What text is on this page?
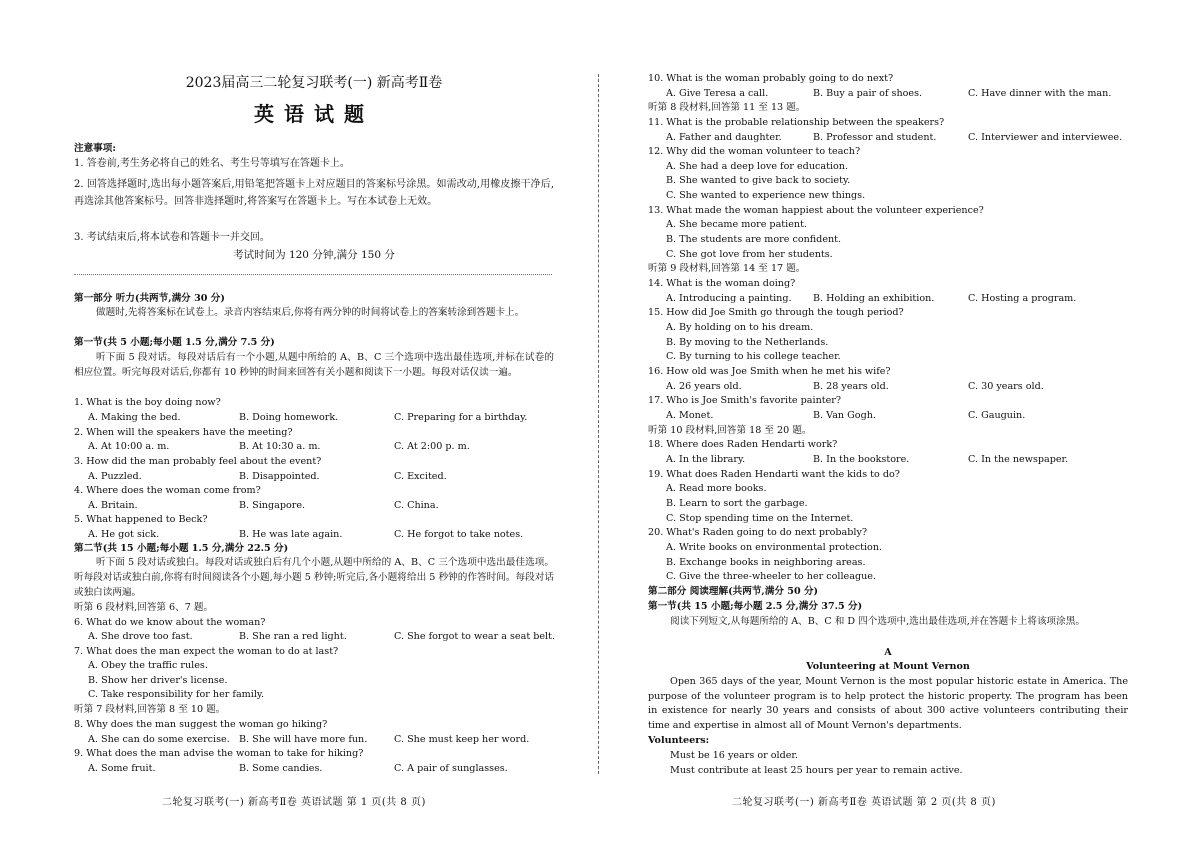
2023届高三二轮复习联考(一) 新高考Ⅱ卷
英语试题
注意事项:
1. 答卷前,考生务必将自己的姓名、考生号等填写在答题卡上。
2. 回答选择题时,选出每小题答案后,用铅笔把答题卡上对应题目的答案标号涂黑。如需改动,用橡皮擦干净后,再选涂其他答案标号。回答非选择题时,将答案写在答题卡上。写在本试卷上无效。
3. 考试结束后,将本试卷和答题卡一并交回。
考试时间为 120 分钟,满分 150 分
第一部分 听力(共两节,满分 30 分)
做题时,先将答案标在试卷上。录音内容结束后,你将有两分钟的时间将试卷上的答案转涂到答题卡上。
第一节(共 5 小题;每小题 1.5 分,满分 7.5 分)
听下面 5 段对话。每段对话后有一个小题,从题中所给的 A、B、C 三个选项中选出最佳选项,并标在试卷的相应位置。听完每段对话后,你都有 10 秒钟的时间来回答有关小题和阅读下一小题。每段对话仅读一遍。
1. What is the boy doing now?
A. Making the bed.	B. Doing homework.	C. Preparing for a birthday.
2. When will the speakers have the meeting?
A. At 10:00 a. m.	B. At 10:30 a. m.	C. At 2:00 p. m.
3. How did the man probably feel about the event?
A. Puzzled.	B. Disappointed.	C. Excited.
4. Where does the woman come from?
A. Britain.	B. Singapore.	C. China.
5. What happened to Beck?
A. He got sick.	B. He was late again.	C. He forgot to take notes.
第二节(共 15 小题;每小题 1.5 分,满分 22.5 分)
听下面 5 段对话或独白。每段对话或独白后有几个小题,从题中所给的 A、B、C 三个选项中选出最佳选项。听每段对话或独白前,你将有时间阅读各个小题,每小题 5 秒钟;听完后,各小题将给出 5 秒钟的作答时间。每段对话或独白读两遍。
听第 6 段材料,回答第 6、7 题。
6. What do we know about the woman?
A. She drove too fast.	B. She ran a red light.	C. She forgot to wear a seat belt.
7. What does the man expect the woman to do at last?
A. Obey the traffic rules.
B. Show her driver's license.
C. Take responsibility for her family.
听第 7 段材料,回答第 8 至 10 题。
8. Why does the man suggest the woman go hiking?
A. She can do some exercise. B. She will have more fun.	C. She must keep her word.
9. What does the man advise the woman to take for hiking?
A. Some fruit.	B. Some candies.	C. A pair of sunglasses.
二轮复习联考(一) 新高考Ⅱ卷 英语试题 第 1 页(共 8 页)
10. What is the woman probably going to do next?
A. Give Teresa a call.	B. Buy a pair of shoes.	C. Have dinner with the man.
听第 8 段材料,回答第 11 至 13 题。
11. What is the probable relationship between the speakers?
A. Father and daughter.	B. Professor and student.	C. Interviewer and interviewee.
12. Why did the woman volunteer to teach?
A. She had a deep love for education.
B. She wanted to give back to society.
C. She wanted to experience new things.
13. What made the woman happiest about the volunteer experience?
A. She became more patient.
B. The students are more confident.
C. She got love from her students.
听第 9 段材料,回答第 14 至 17 题。
14. What is the woman doing?
A. Introducing a painting. B. Holding an exhibition.	C. Hosting a program.
15. How did Joe Smith go through the tough period?
A. By holding on to his dream.
B. By moving to the Netherlands.
C. By turning to his college teacher.
16. How old was Joe Smith when he met his wife?
A. 26 years old.	B. 28 years old.	C. 30 years old.
17. Who is Joe Smith's favorite painter?
A. Monet.	B. Van Gogh.	C. Gauguin.
听第 10 段材料,回答第 18 至 20 题。
18. Where does Raden Hendarti work?
A. In the library.	B. In the bookstore.	C. In the newspaper.
19. What does Raden Hendarti want the kids to do?
A. Read more books.
B. Learn to sort the garbage.
C. Stop spending time on the Internet.
20. What's Raden going to do next probably?
A. Write books on environmental protection.
B. Exchange books in neighboring areas.
C. Give the three-wheeler to her colleague.
第二部分 阅读理解(共两节,满分 50 分)
第一节(共 15 小题;每小题 2.5 分,满分 37.5 分)
阅读下列短文,从每题所给的 A、B、C 和 D 四个选项中,选出最佳选项,并在答题卡上将该项涂黑。
A
Volunteering at Mount Vernon
Open 365 days of the year, Mount Vernon is the most popular historic estate in America. The purpose of the volunteer program is to help protect the historic property. The program has been in existence for nearly 30 years and consists of about 300 active volunteers contributing their time and expertise in almost all of Mount Vernon's departments.
Volunteers:
Must be 16 years or older.
Must contribute at least 25 hours per year to remain active.
二轮复习联考(一) 新高考Ⅱ卷 英语试题 第 2 页(共 8 页)
